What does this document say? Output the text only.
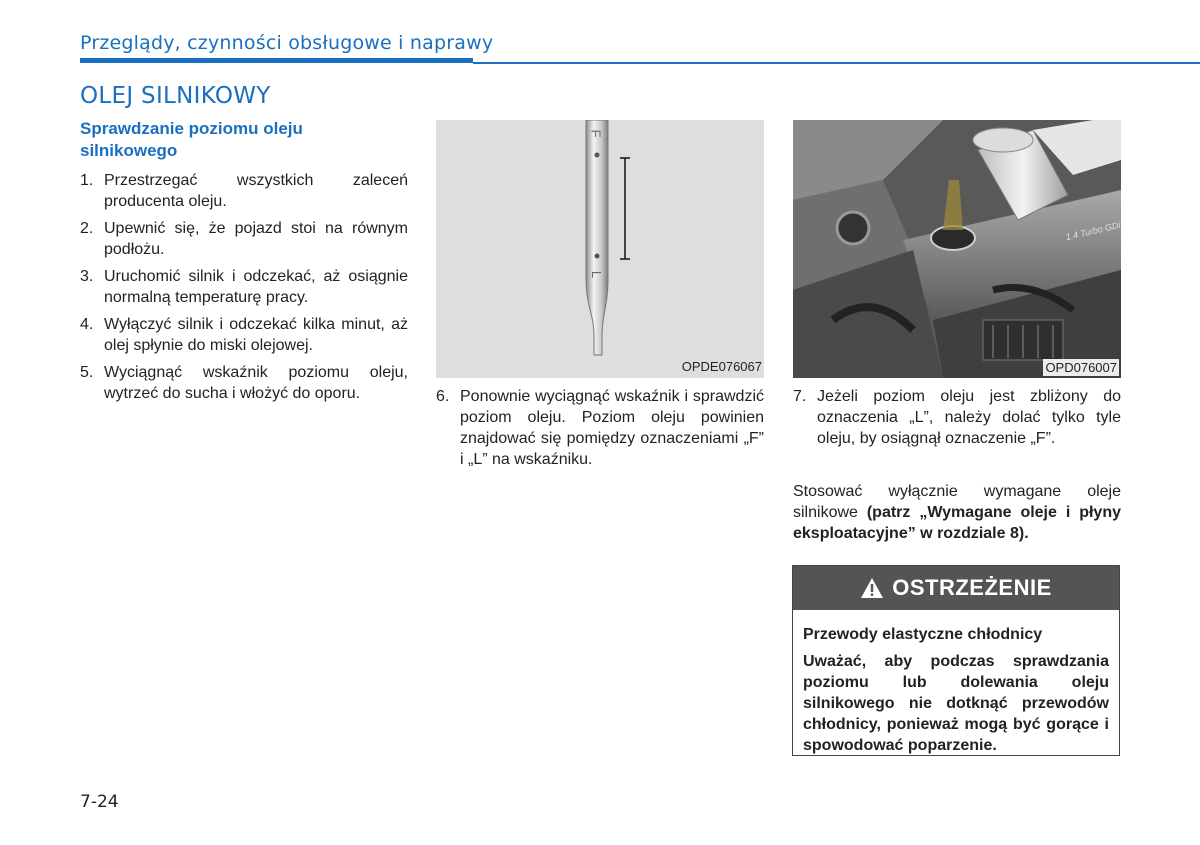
Przeglądy, czynności obsługowe i naprawy
OLEJ SILNIKOWY
Sprawdzanie poziomu oleju silnikowego
1. Przestrzegać wszystkich zaleceń producenta oleju.
2. Upewnić się, że pojazd stoi na równym podłożu.
3. Uruchomić silnik i odczekać, aż osiągnie normalną temperaturę pracy.
4. Wyłączyć silnik i odczekać kilka minut, aż olej spłynie do miski olejowej.
5. Wyciągnąć wskaźnik poziomu oleju, wytrzeć do sucha i włożyć do oporu.
F
L
OPDE076067
1.4 Turbo GDi
OPD076007
6. Ponownie wyciągnąć wskaźnik i sprawdzić poziom oleju. Poziom oleju powinien znajdować się pomiędzy oznaczeniami „F” i „L” na wskaźniku.
7. Jeżeli poziom oleju jest zbliżony do oznaczenia „L”, należy dolać tylko tyle oleju, by osiągnął oznaczenie „F”.
Stosować wyłącznie wymagane oleje silnikowe (patrz „Wymagane oleje i płyny eksploatacyjne” w rozdziale 8).
OSTRZEŻENIE
Przewody elastyczne chłodnicy
Uważać, aby podczas sprawdzania poziomu lub dolewania oleju silnikowego nie dotknąć przewodów chłodnicy, ponieważ mogą być gorące i spowodować poparzenie.
7-24
